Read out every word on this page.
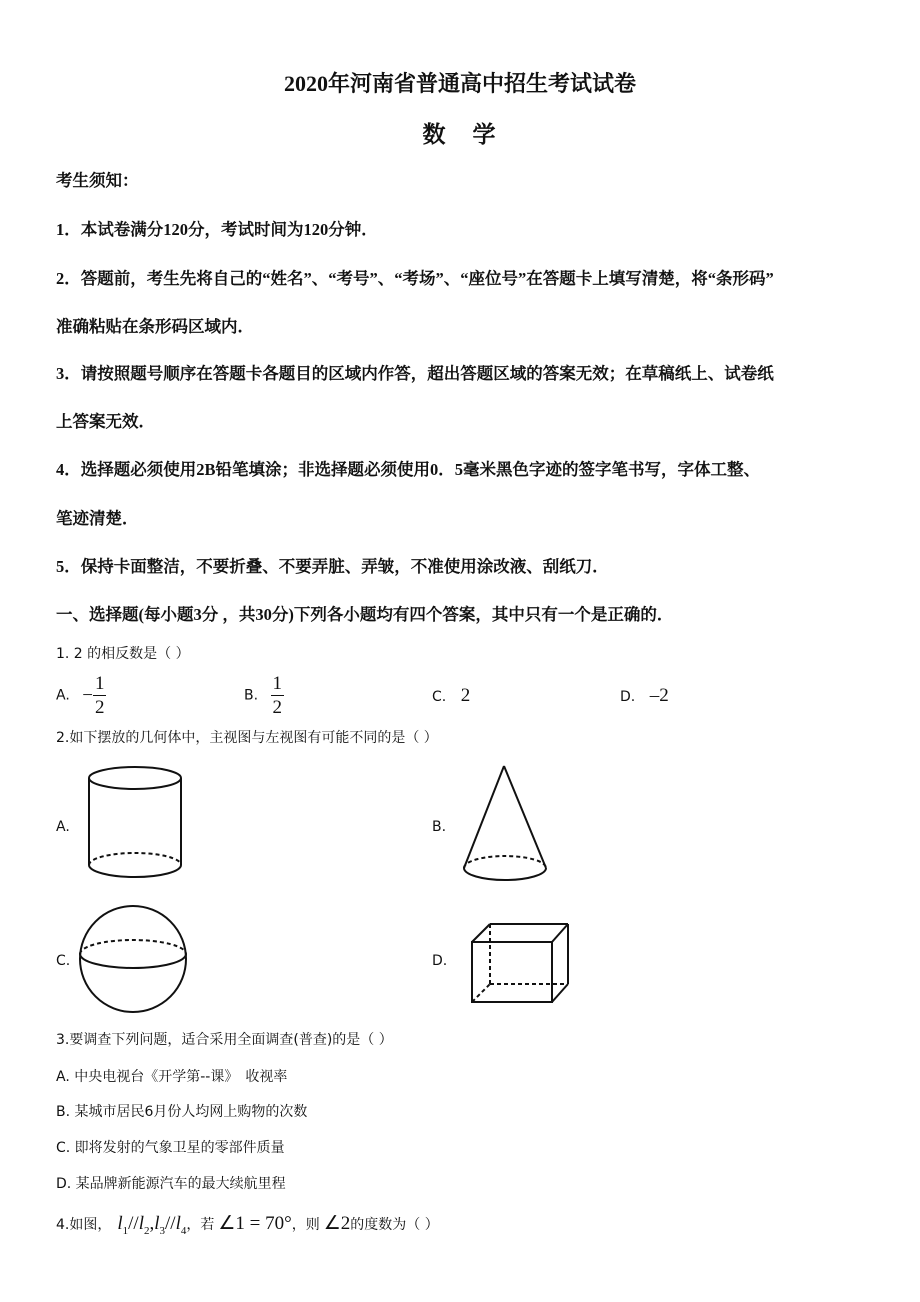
2020年河南省普通高中招生考试试卷
数　学
考生须知：
1．本试卷满分120分，考试时间为120分钟．
2．答题前，考生先将自己的“姓名”、“考号”、“考场”、“座位号”在答题卡上填写清楚，将“条形码”
准确粘贴在条形码区域内．
3．请按照题号顺序在答题卡各题目的区域内作答，超出答题区域的答案无效；在草稿纸上、试卷纸
上答案无效．
4．选择题必须使用2B铅笔填涂；非选择题必须使用0．5毫米黑色字迹的签字笔书写，字体工整、
笔迹清楚．
5．保持卡面整洁，不要折叠、不要弄脏、弄皱，不准使用涂改液、刮纸刀．
一、选择题(每小题3分 ，共30分)下列各小题均有四个答案，其中只有一个是正确的．
1. 2 的相反数是（ ）
A. − $\frac{1}{2}$	B. $\frac{1}{2}$	C. 2	D. –2
2.如下摆放的几何体中，主视图与左视图有可能不同的是（ ）
A.	B.
C.	D.
3.要调查下列问题，适合采用全面调查(普查)的是（ ）
A. 中央电视台《开学第--课》　收视率
B. 某城市居民6月份人均网上购物的次数
C. 即将发射的气象卫星的零部件质量
D. 某品牌新能源汽车的最大续航里程
4.如图， $l_1//l_2,l_3//l_4$，若 ∠1 = 70°，则 ∠2的度数为（ ）
